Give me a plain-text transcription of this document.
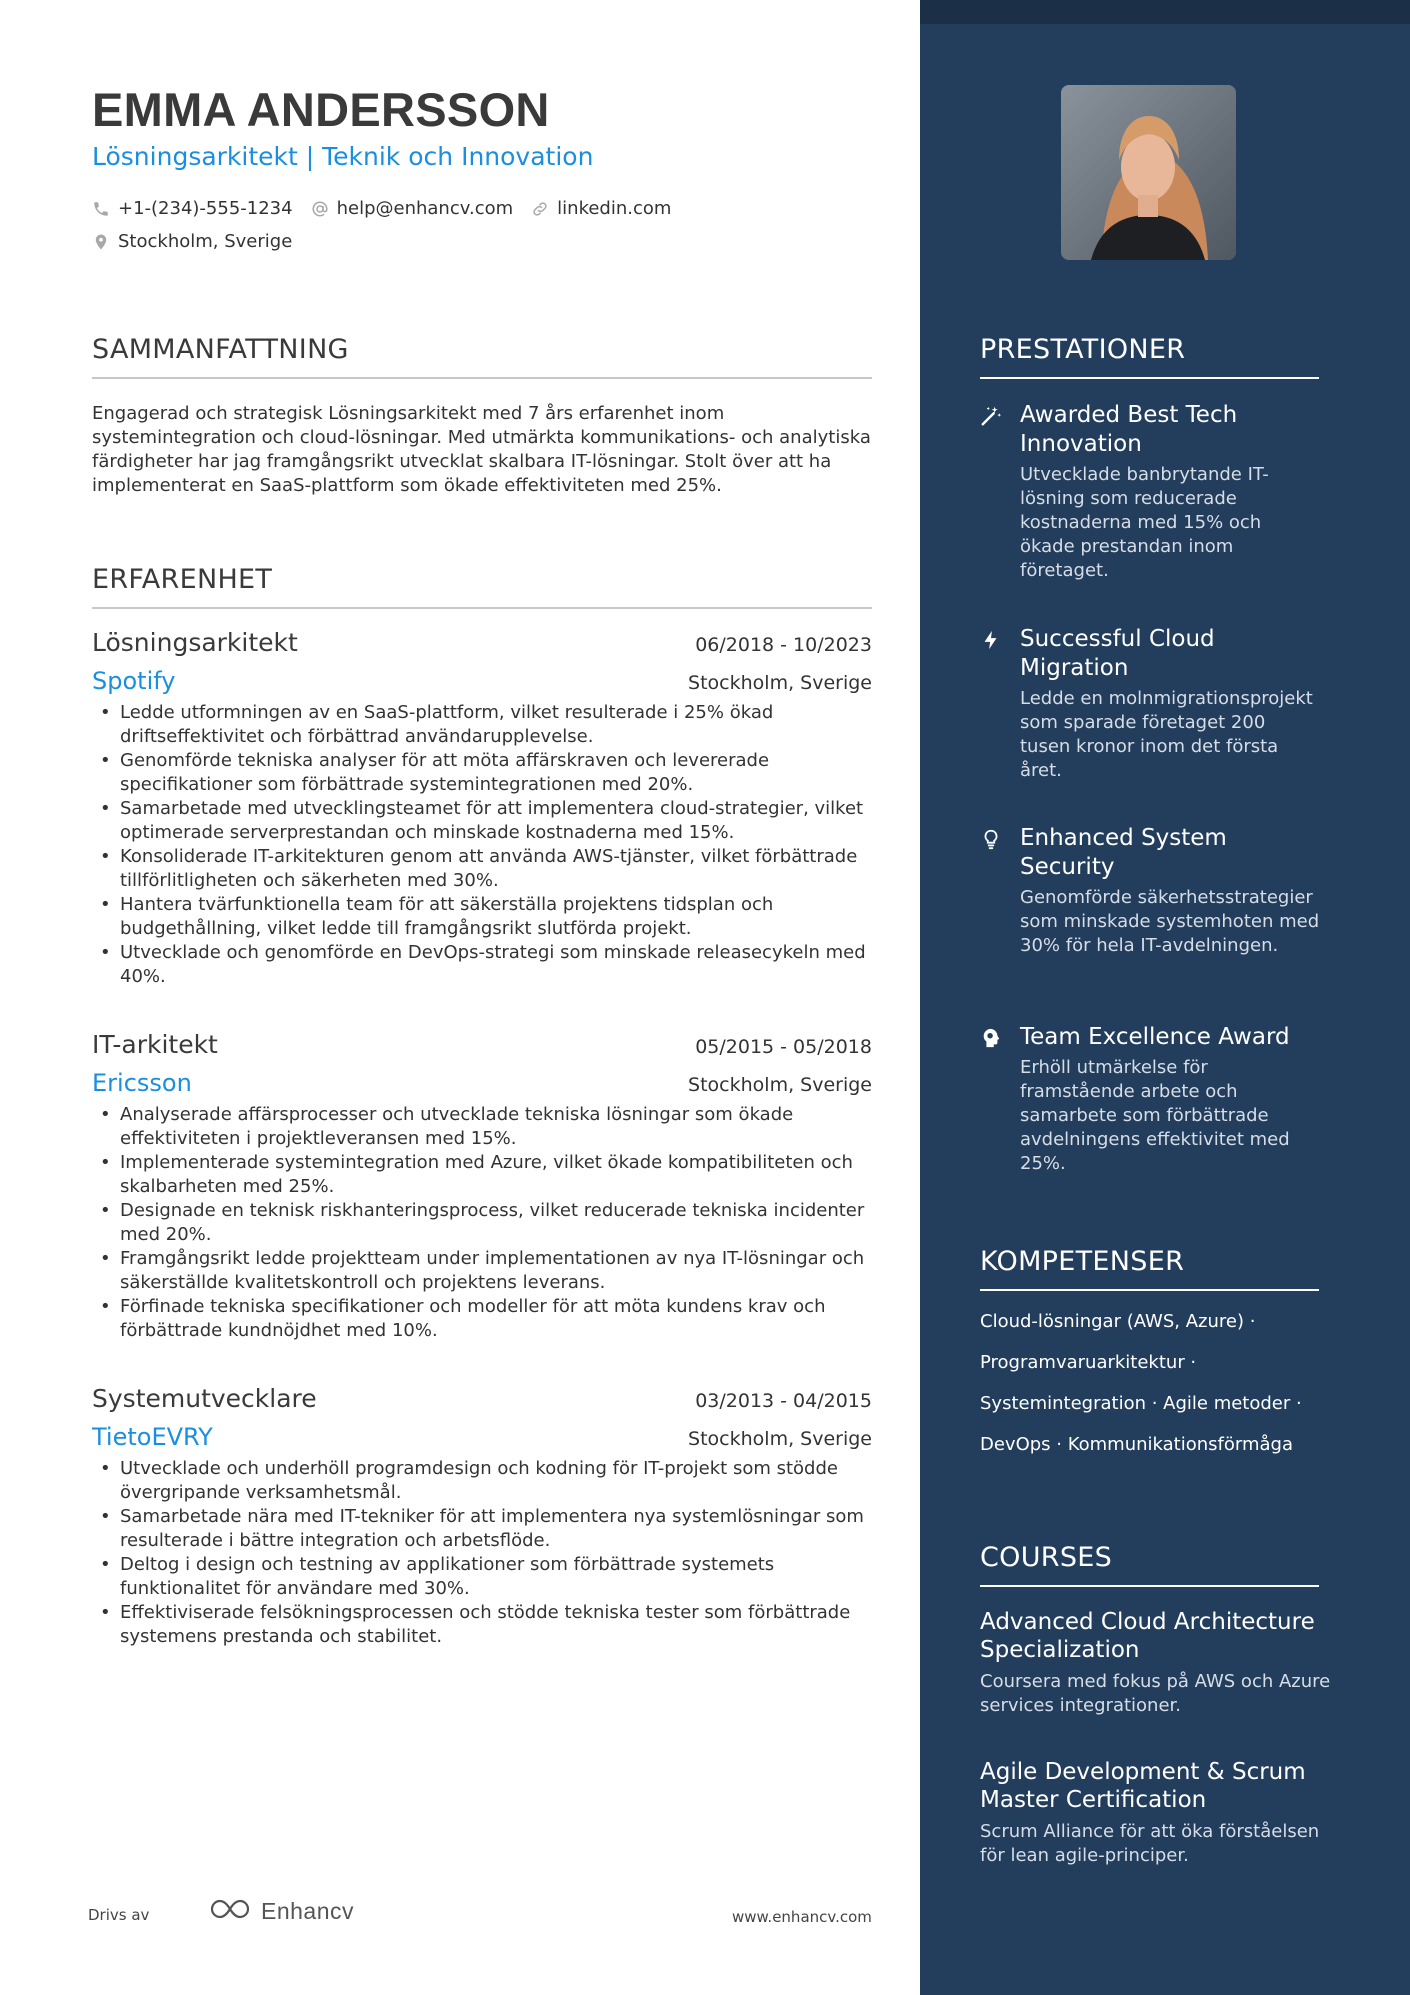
EMMA ANDERSSON
Lösningsarkitekt | Teknik och Innovation
+1-(234)-555-1234 help@enhancv.com linkedin.com
Stockholm, Sverige
SAMMANFATTNING
Engagerad och strategisk Lösningsarkitekt med 7 års erfarenhet inom systemintegration och cloud-lösningar. Med utmärkta kommunikations- och analytiska färdigheter har jag framgångsrikt utvecklat skalbara IT-lösningar. Stolt över att ha implementerat en SaaS-plattform som ökade effektiviteten med 25%.
ERFARENHET
Lösningsarkitekt	06/2018 - 10/2023
Spotify	Stockholm, Sverige
• Ledde utformningen av en SaaS-plattform, vilket resulterade i 25% ökad driftseffektivitet och förbättrad användarupplevelse.
• Genomförde tekniska analyser för att möta affärskraven och levererade specifikationer som förbättrade systemintegrationen med 20%.
• Samarbetade med utvecklingsteamet för att implementera cloud-strategier, vilket optimerade serverprestandan och minskade kostnaderna med 15%.
• Konsoliderade IT-arkitekturen genom att använda AWS-tjänster, vilket förbättrade tillförlitligheten och säkerheten med 30%.
• Hantera tvärfunktionella team för att säkerställa projektens tidsplan och budgethållning, vilket ledde till framgångsrikt slutförda projekt.
• Utvecklade och genomförde en DevOps-strategi som minskade releasecykeln med 40%.
IT-arkitekt	05/2015 - 05/2018
Ericsson	Stockholm, Sverige
• Analyserade affärsprocesser och utvecklade tekniska lösningar som ökade effektiviteten i projektleveransen med 15%.
• Implementerade systemintegration med Azure, vilket ökade kompatibiliteten och skalbarheten med 25%.
• Designade en teknisk riskhanteringsprocess, vilket reducerade tekniska incidenter med 20%.
• Framgångsrikt ledde projektteam under implementationen av nya IT-lösningar och säkerställde kvalitetskontroll och projektens leverans.
• Förfinade tekniska specifikationer och modeller för att möta kundens krav och förbättrade kundnöjdhet med 10%.
Systemutvecklare	03/2013 - 04/2015
TietoEVRY	Stockholm, Sverige
• Utvecklade och underhöll programdesign och kodning för IT-projekt som stödde övergripande verksamhetsmål.
• Samarbetade nära med IT-tekniker för att implementera nya systemlösningar som resulterade i bättre integration och arbetsflöde.
• Deltog i design och testning av applikationer som förbättrade systemets funktionalitet för användare med 30%.
• Effektiviserade felsökningsprocessen och stödde tekniska tester som förbättrade systemens prestanda och stabilitet.
Drivs av	Enhancv	www.enhancv.com
PRESTATIONER
Awarded Best Tech Innovation
Utvecklade banbrytande IT-lösning som reducerade kostnaderna med 15% och ökade prestandan inom företaget.
Successful Cloud Migration
Ledde en molnmigrationsprojekt som sparade företaget 200 tusen kronor inom det första året.
Enhanced System Security
Genomförde säkerhetsstrategier som minskade systemhoten med 30% för hela IT-avdelningen.
Team Excellence Award
Erhöll utmärkelse för framstående arbete och samarbete som förbättrade avdelningens effektivitet med 25%.
KOMPETENSER
Cloud-lösningar (AWS, Azure) ·
Programvaruarkitektur ·
Systemintegration · Agile metoder ·
DevOps · Kommunikationsförmåga
COURSES
Advanced Cloud Architecture Specialization
Coursera med fokus på AWS och Azure services integrationer.
Agile Development & Scrum Master Certification
Scrum Alliance för att öka förståelsen för lean agile-principer.
